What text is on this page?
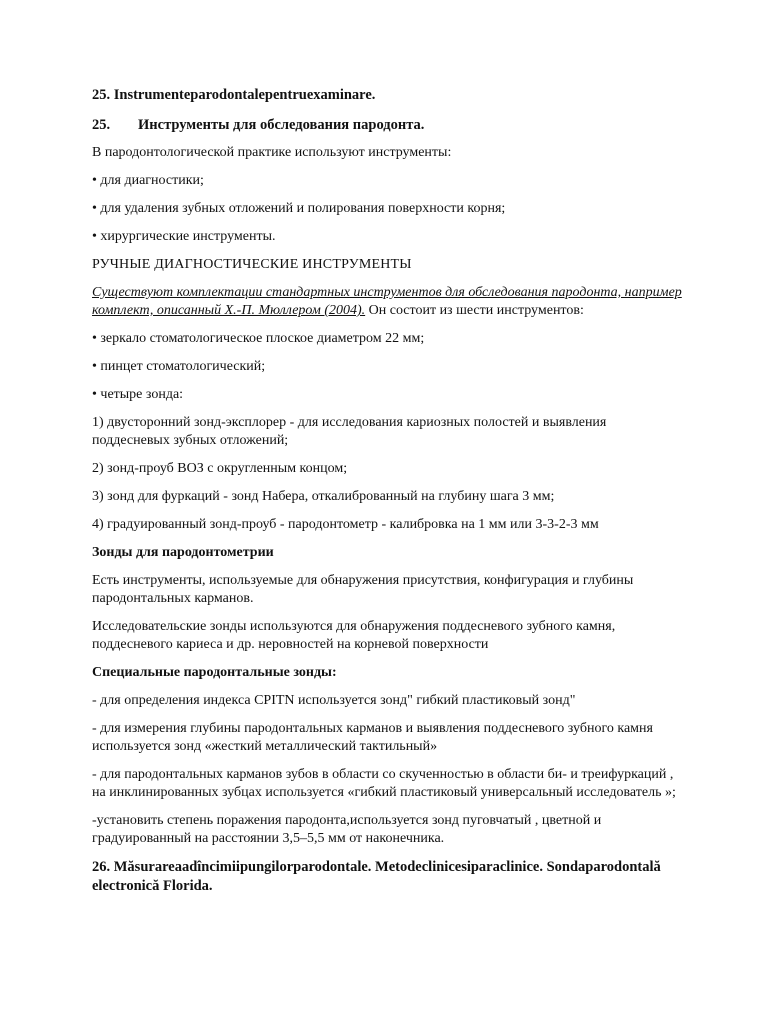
25. Instrumenteparodontalepentruexaminare.

25. Инструменты для обследования пародонта.

В пародонтологической практике используют инструменты:

• для диагностики;

• для удаления зубных отложений и полирования поверхности корня;

• хирургические инструменты.

РУЧНЫЕ ДИАГНОСТИЧЕСКИЕ ИНСТРУМЕНТЫ

Существуют комплектации стандартных инструментов для обследования пародонта, например комплект, описанный Х.-П. Мюллером (2004). Он состоит из шести инструментов:

• зеркало стоматологическое плоское диаметром 22 мм;

• пинцет стоматологический;

• четыре зонда:

1) двусторонний зонд-эксплорер - для исследования кариозных полостей и выявления поддесневых зубных отложений;

2) зонд-проуб ВОЗ с округленным концом;

3) зонд для фуркаций - зонд Набера, откалиброванный на глубину шага 3 мм;

4) градуированный зонд-проуб - пародонтометр - калибровка на 1 мм или 3-3-2-3 мм

Зонды для пародонтометрии

Есть инструменты, используемые для обнаружения присутствия, конфигурация и глубины пародонтальных карманов.

Исследовательские зонды используются для обнаружения поддесневого зубного камня, поддесневого кариеса и др. неровностей на корневой поверхности

Специальные пародонтальные зонды:

- для определения индекса CPITN используется зонд" гибкий пластиковый зонд"

- для измерения глубины пародонтальных карманов и выявления поддесневого зубного камня используется зонд «жесткий металлический тактильный»

- для пародонтальных карманов зубов в области со скученностью в области би- и треифуркаций , на инклинированных зубцах используется «гибкий пластиковый универсальный исследователь »;

-установить степень поражения пародонта,используется зонд пуговчатый , цветной и градуированный на расстоянии 3,5–5,5 мм от наконечника.

26. Măsurareaadîncimiipungilorparodontale. Metodeclinicesiparaclinice. Sondaparodontală electronică Florida.
